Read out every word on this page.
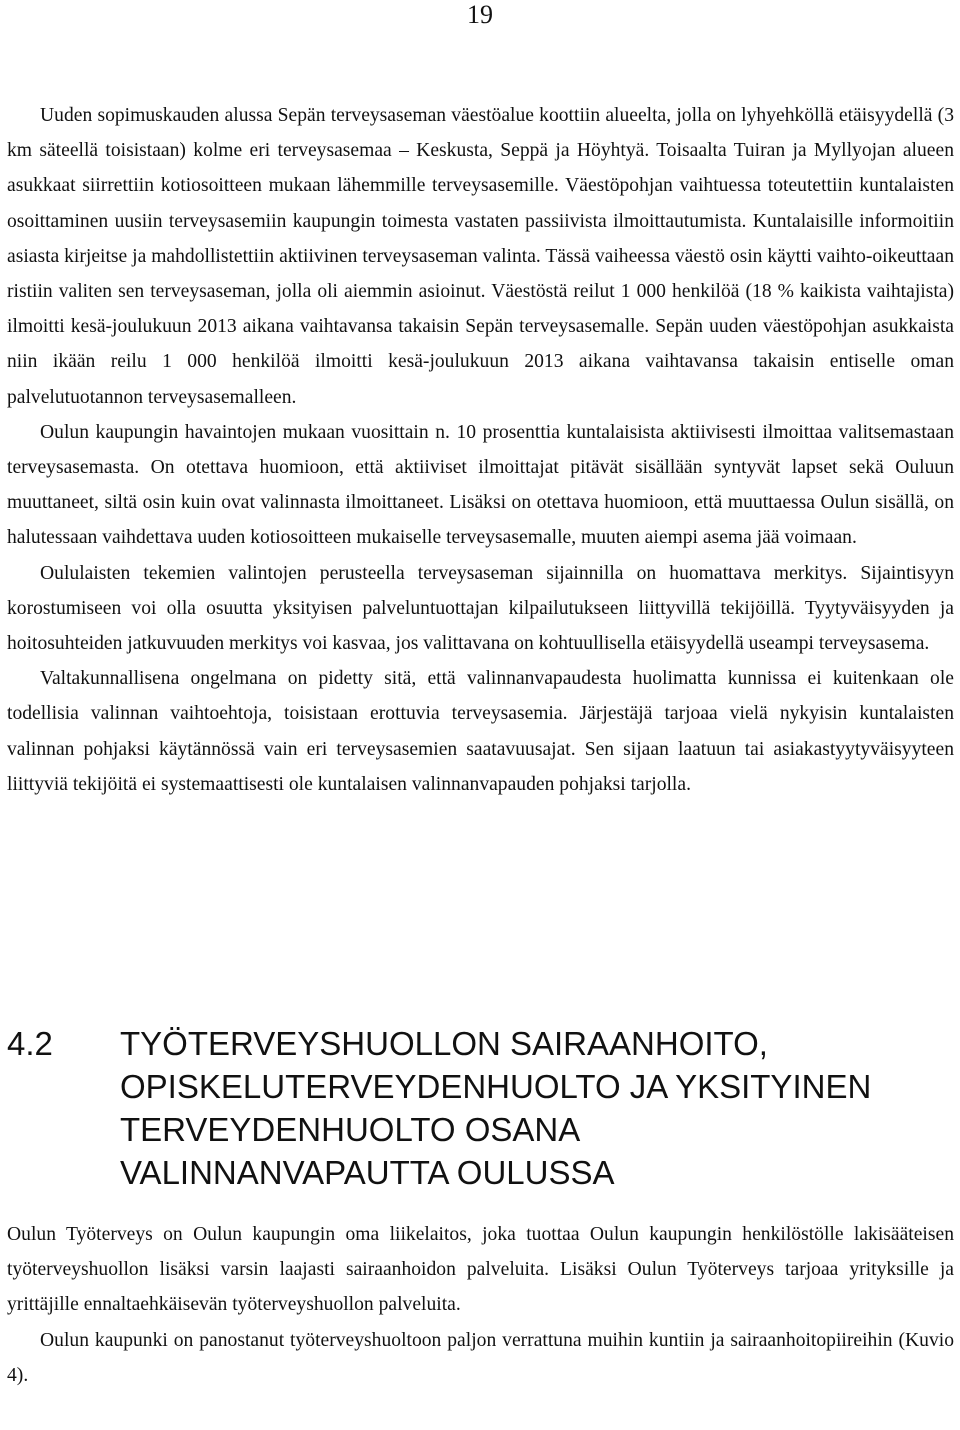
19

Uuden sopimuskauden alussa Sepän terveysaseman väestöalue koottiin alueelta, jolla on lyhyehköllä etäisyydellä (3 km säteellä toisistaan) kolme eri terveysasemaa – Keskusta, Seppä ja Höyhtyä. Toisaalta Tuiran ja Myllyojan alueen asukkaat siirrettiin kotiosoitteen mukaan lähemmille terveysasemille. Väestöpohjan vaihtuessa toteutettiin kuntalaisten osoittaminen uusiin terveysasemiin kaupungin toimesta vastaten passiivista ilmoittautumista. Kuntalaisille informoitiin asiasta kirjeitse ja mahdollistettiin aktiivinen terveysaseman valinta. Tässä vaiheessa väestö osin käytti vaihto-oikeuttaan ristiin valiten sen terveysaseman, jolla oli aiemmin asioinut. Väestöstä reilut 1 000 henkilöä (18 % kaikista vaihtajista) ilmoitti kesä-joulukuun 2013 aikana vaihtavansa takaisin Sepän terveysasemalle. Sepän uuden väestöpohjan asukkaista niin ikään reilu 1 000 henkilöä ilmoitti kesä-joulukuun 2013 aikana vaihtavansa takaisin entiselle oman palvelutuotannon terveysasemalleen.

Oulun kaupungin havaintojen mukaan vuosittain n. 10 prosenttia kuntalaisista aktiivisesti ilmoittaa valitsemastaan terveysasemasta. On otettava huomioon, että aktiiviset ilmoittajat pitävät sisällään syntyvät lapset sekä Ouluun muuttaneet, siltä osin kuin ovat valinnasta ilmoittaneet. Lisäksi on otettava huomioon, että muuttaessa Oulun sisällä, on halutessaan vaihdettava uuden kotiosoitteen mukaiselle terveysasemalle, muuten aiempi asema jää voimaan.

Oululaisten tekemien valintojen perusteella terveysaseman sijainnilla on huomattava merkitys. Sijaintisyyn korostumiseen voi olla osuutta yksityisen palveluntuottajan kilpailutukseen liittyvillä tekijöillä. Tyytyväisyyden ja hoitosuhteiden jatkuvuuden merkitys voi kasvaa, jos valittavana on kohtuullisella etäisyydellä useampi terveysasema.

Valtakunnallisena ongelmana on pidetty sitä, että valinnanvapaudesta huolimatta kunnissa ei kuitenkaan ole todellisia valinnan vaihtoehtoja, toisistaan erottuvia terveysasemia. Järjestäjä tarjoaa vielä nykyisin kuntalaisten valinnan pohjaksi käytännössä vain eri terveysasemien saatavuusajat. Sen sijaan laatuun tai asiakastyytyväisyyteen liittyviä tekijöitä ei systemaattisesti ole kuntalaisen valinnanvapauden pohjaksi tarjolla.

4.2	TYÖTERVEYSHUOLLON SAIRAANHOITO,
OPISKELUTERVEYDENHUOLTO JA YKSITYINEN
TERVEYDENHUOLTO OSANA
VALINNANVAPAUTTA OULUSSA

Oulun Työterveys on Oulun kaupungin oma liikelaitos, joka tuottaa Oulun kaupungin henkilöstölle lakisääteisen työterveyshuollon lisäksi varsin laajasti sairaanhoidon palveluita. Lisäksi Oulun Työterveys tarjoaa yrityksille ja yrittäjille ennaltaehkäisevän työterveyshuollon palveluita.

Oulun kaupunki on panostanut työterveyshuoltoon paljon verrattuna muihin kuntiin ja sairaanhoitopiireihin (Kuvio 4).
